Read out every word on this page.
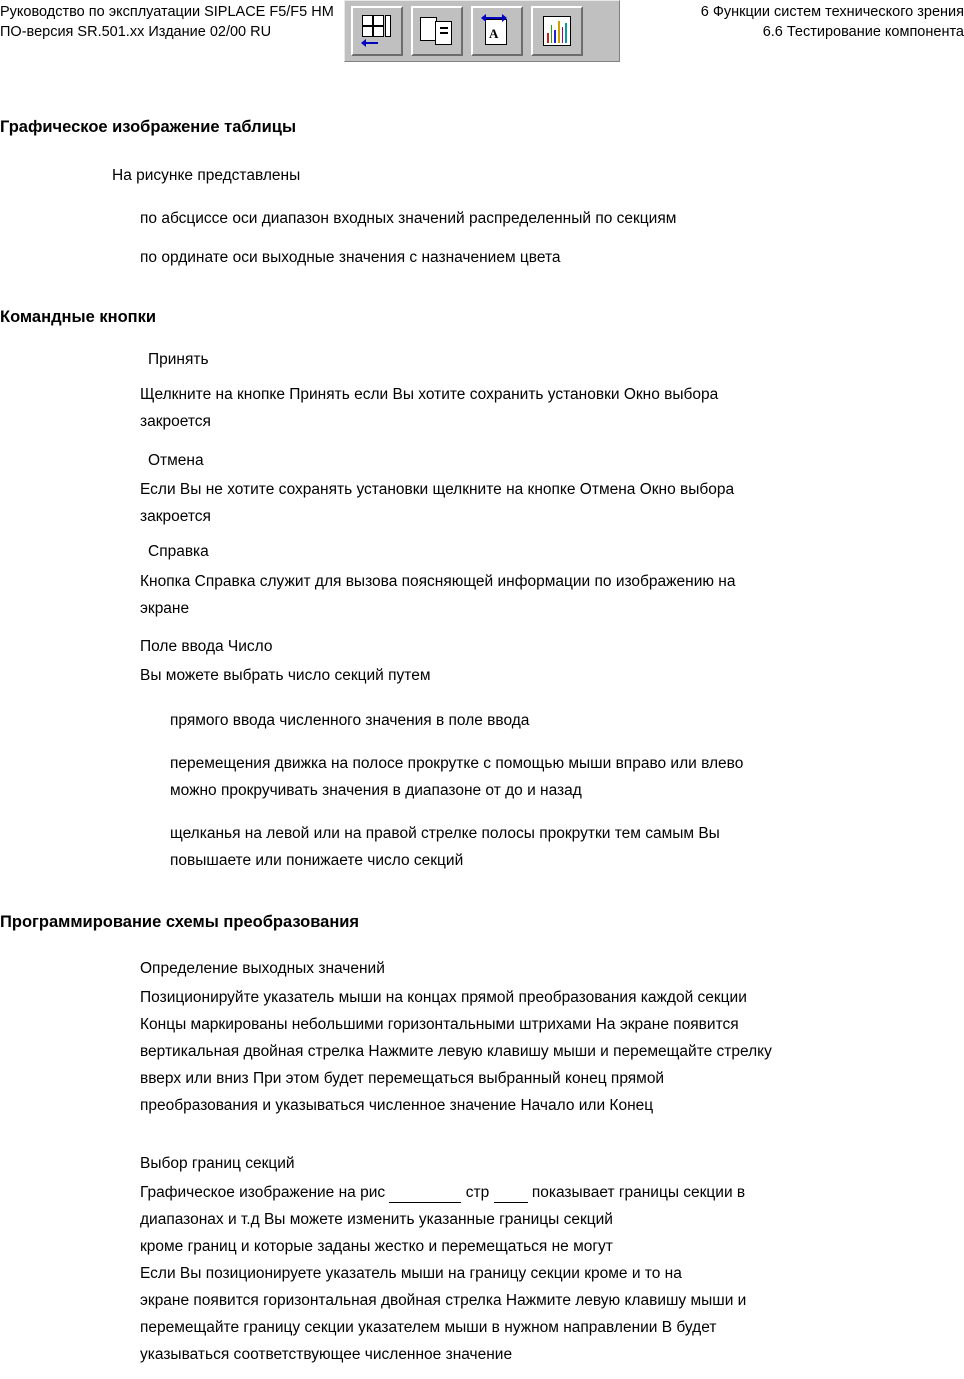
Руководство по эксплуатации SIPLACE F5/F5 HM
ПО-версия SR.501.xx Издание 02/00 RU
6 Функции систем технического зрения
6.6 Тестирование компонента
A
Графическое изображение таблицы
На рисунке представлены
по абсциссе оси диапазон входных значений распределенный по секциям
по ординате оси выходные значения с назначением цвета
Командные кнопки
Принять
Щелкните на кнопке Принять если Вы хотите сохранить установки Окно выбора
закроется
Отмена
Если Вы не хотите сохранять установки щелкните на кнопке Отмена Окно выбора
закроется
Справка
Кнопка Справка служит для вызова поясняющей информации по изображению на
экране
Поле ввода Число
Вы можете выбрать число секций путем
прямого ввода численного значения в поле ввода
перемещения движка на полосе прокрутке с помощью мыши вправо или влево
можно прокручивать значения в диапазоне от до и назад
щелканья на левой или на правой стрелке полосы прокрутки тем самым Вы
повышаете или понижаете число секций
Программирование схемы преобразования
Определение выходных значений
Позиционируйте указатель мыши на концах прямой преобразования каждой секции
Концы маркированы небольшими горизонтальными штрихами На экране появится
вертикальная двойная стрелка Нажмите левую клавишу мыши и перемещайте стрелку
вверх или вниз При этом будет перемещаться выбранный конец прямой
преобразования и указываться численное значение Начало или Конец
Выбор границ секций
Графическое изображение на рис	стр  показывает границы секции в
диапазонах и т.д Вы можете изменить указанные границы секций
кроме границ и которые заданы жестко и перемещаться не могут
Если Вы позиционируете указатель мыши на границу секции кроме и то на
экране появится горизонтальная двойная стрелка Нажмите левую клавишу мыши и
перемещайте границу секции указателем мыши в нужном направлении В будет
указываться соответствующее численное значение
